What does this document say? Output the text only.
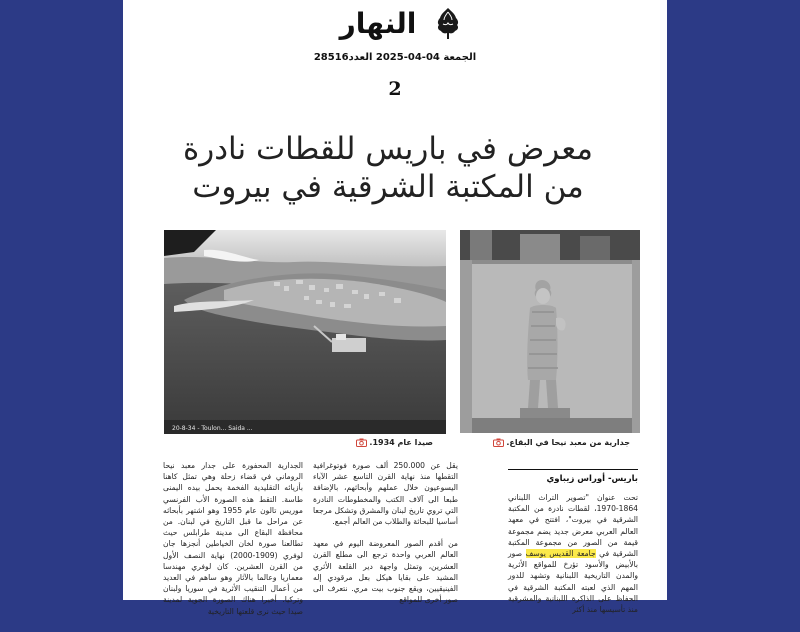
النهار
الجمعة 04-04-2025 العدد28516
2
معرض في باريس للقطات نادرة
من المكتبة الشرقية في بيروت
20-8-34 - Toulon... Saida ...
صيدا عام 1934.	جدارية من معبد نيحا في البقاع.
باريس- أوراس زيباوي

تحت عنوان "تصوير التراث اللبناني 1864-1970، لقطات نادرة من المكتبة الشرقية في بيروت"، افتتح في معهد العالم العربي معرض جديد يضم مجموعة قيمة من الصور من مجموعة المكتبة الشرقية في جامعة القديس يوسف صور بالأبيض والأسود تؤرخ للمواقع الأثرية والمدن التاريخية اللبنانية وتشهد للدور المهم الذي لعبته المكتبة الشرقية في الحفاظ على الذاكرة اللبنانية والمشرقية منذ تأسيسها منذ أكثر

يقل عن 250.000 ألف صورة فوتوغرافية التقطها منذ نهاية القرن التاسع عشر الآباء اليسوعيون خلال عملهم وأبحاثهم، بالإضافة طبعا الى آلاف الكتب والمخطوطات النادرة التي تروي تاريخ لبنان والمشرق وتشكل مرجعا أساسيا للبحاثة والطلاب من العالم أجمع.

من أقدم الصور المعروضة اليوم في معهد العالم العربي واحدة ترجع الى مطلع القرن العشرين، وتمثل واجهة دير القلعة الأثري المشيد على بقايا هيكل بعل مرقودي إله الفينيقيين، ويقع جنوب بيت مري. نتعرف الى صور أخرى للمواقع

الجدارية المحفورة على جدار معبد نيحا الروماني في قضاء زحلة وهي تمثل كاهنا بأزيائه التقليدية الفخمة يحمل بيده اليمنى طاسة. التقط هذه الصورة الأب الفرنسي موريس تالون عام 1955 وهو اشتهر بأبحاثه عن مراحل ما قبل التاريخ في لبنان. من محافظة البقاع الى مدينة طرابلس حيث تطالعنا صورة لخان الخياطين أنجزها جان لوفري (1909-2000) نهاية النصف الأول من القرن العشرين. كان لوفري مهندسا معماريا وعالما بالآثار وهو ساهم في العديد من أعمال التنقيب الأثرية في سوريا ولبنان وتركيا. أخيرا هناك الصورة الجوية لمدينة صيدا حيث نرى قلعتها التاريخية
